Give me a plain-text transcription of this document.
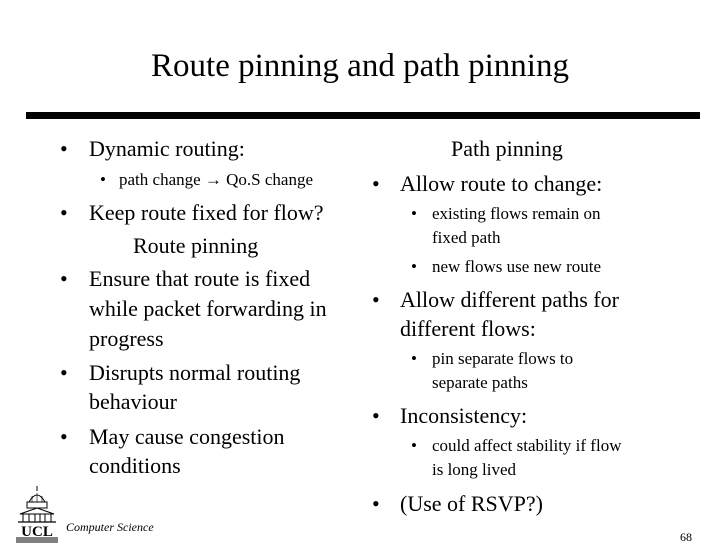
Route pinning and path pinning
• Dynamic routing:
• path change → Qo.S change
• Keep route fixed for flow?
Route pinning
• Ensure that route is fixed
while packet forwarding in
progress
• Disrupts normal routing
behaviour
• May cause congestion
conditions
Path pinning
• Allow route to change:
• existing flows remain on
fixed path
• new flows use new route
• Allow different paths for
different flows:
• pin separate flows to
separate paths
• Inconsistency:
• could affect stability if flow
is long lived
• (Use of RSVP?)
UCL Computer Science
68
